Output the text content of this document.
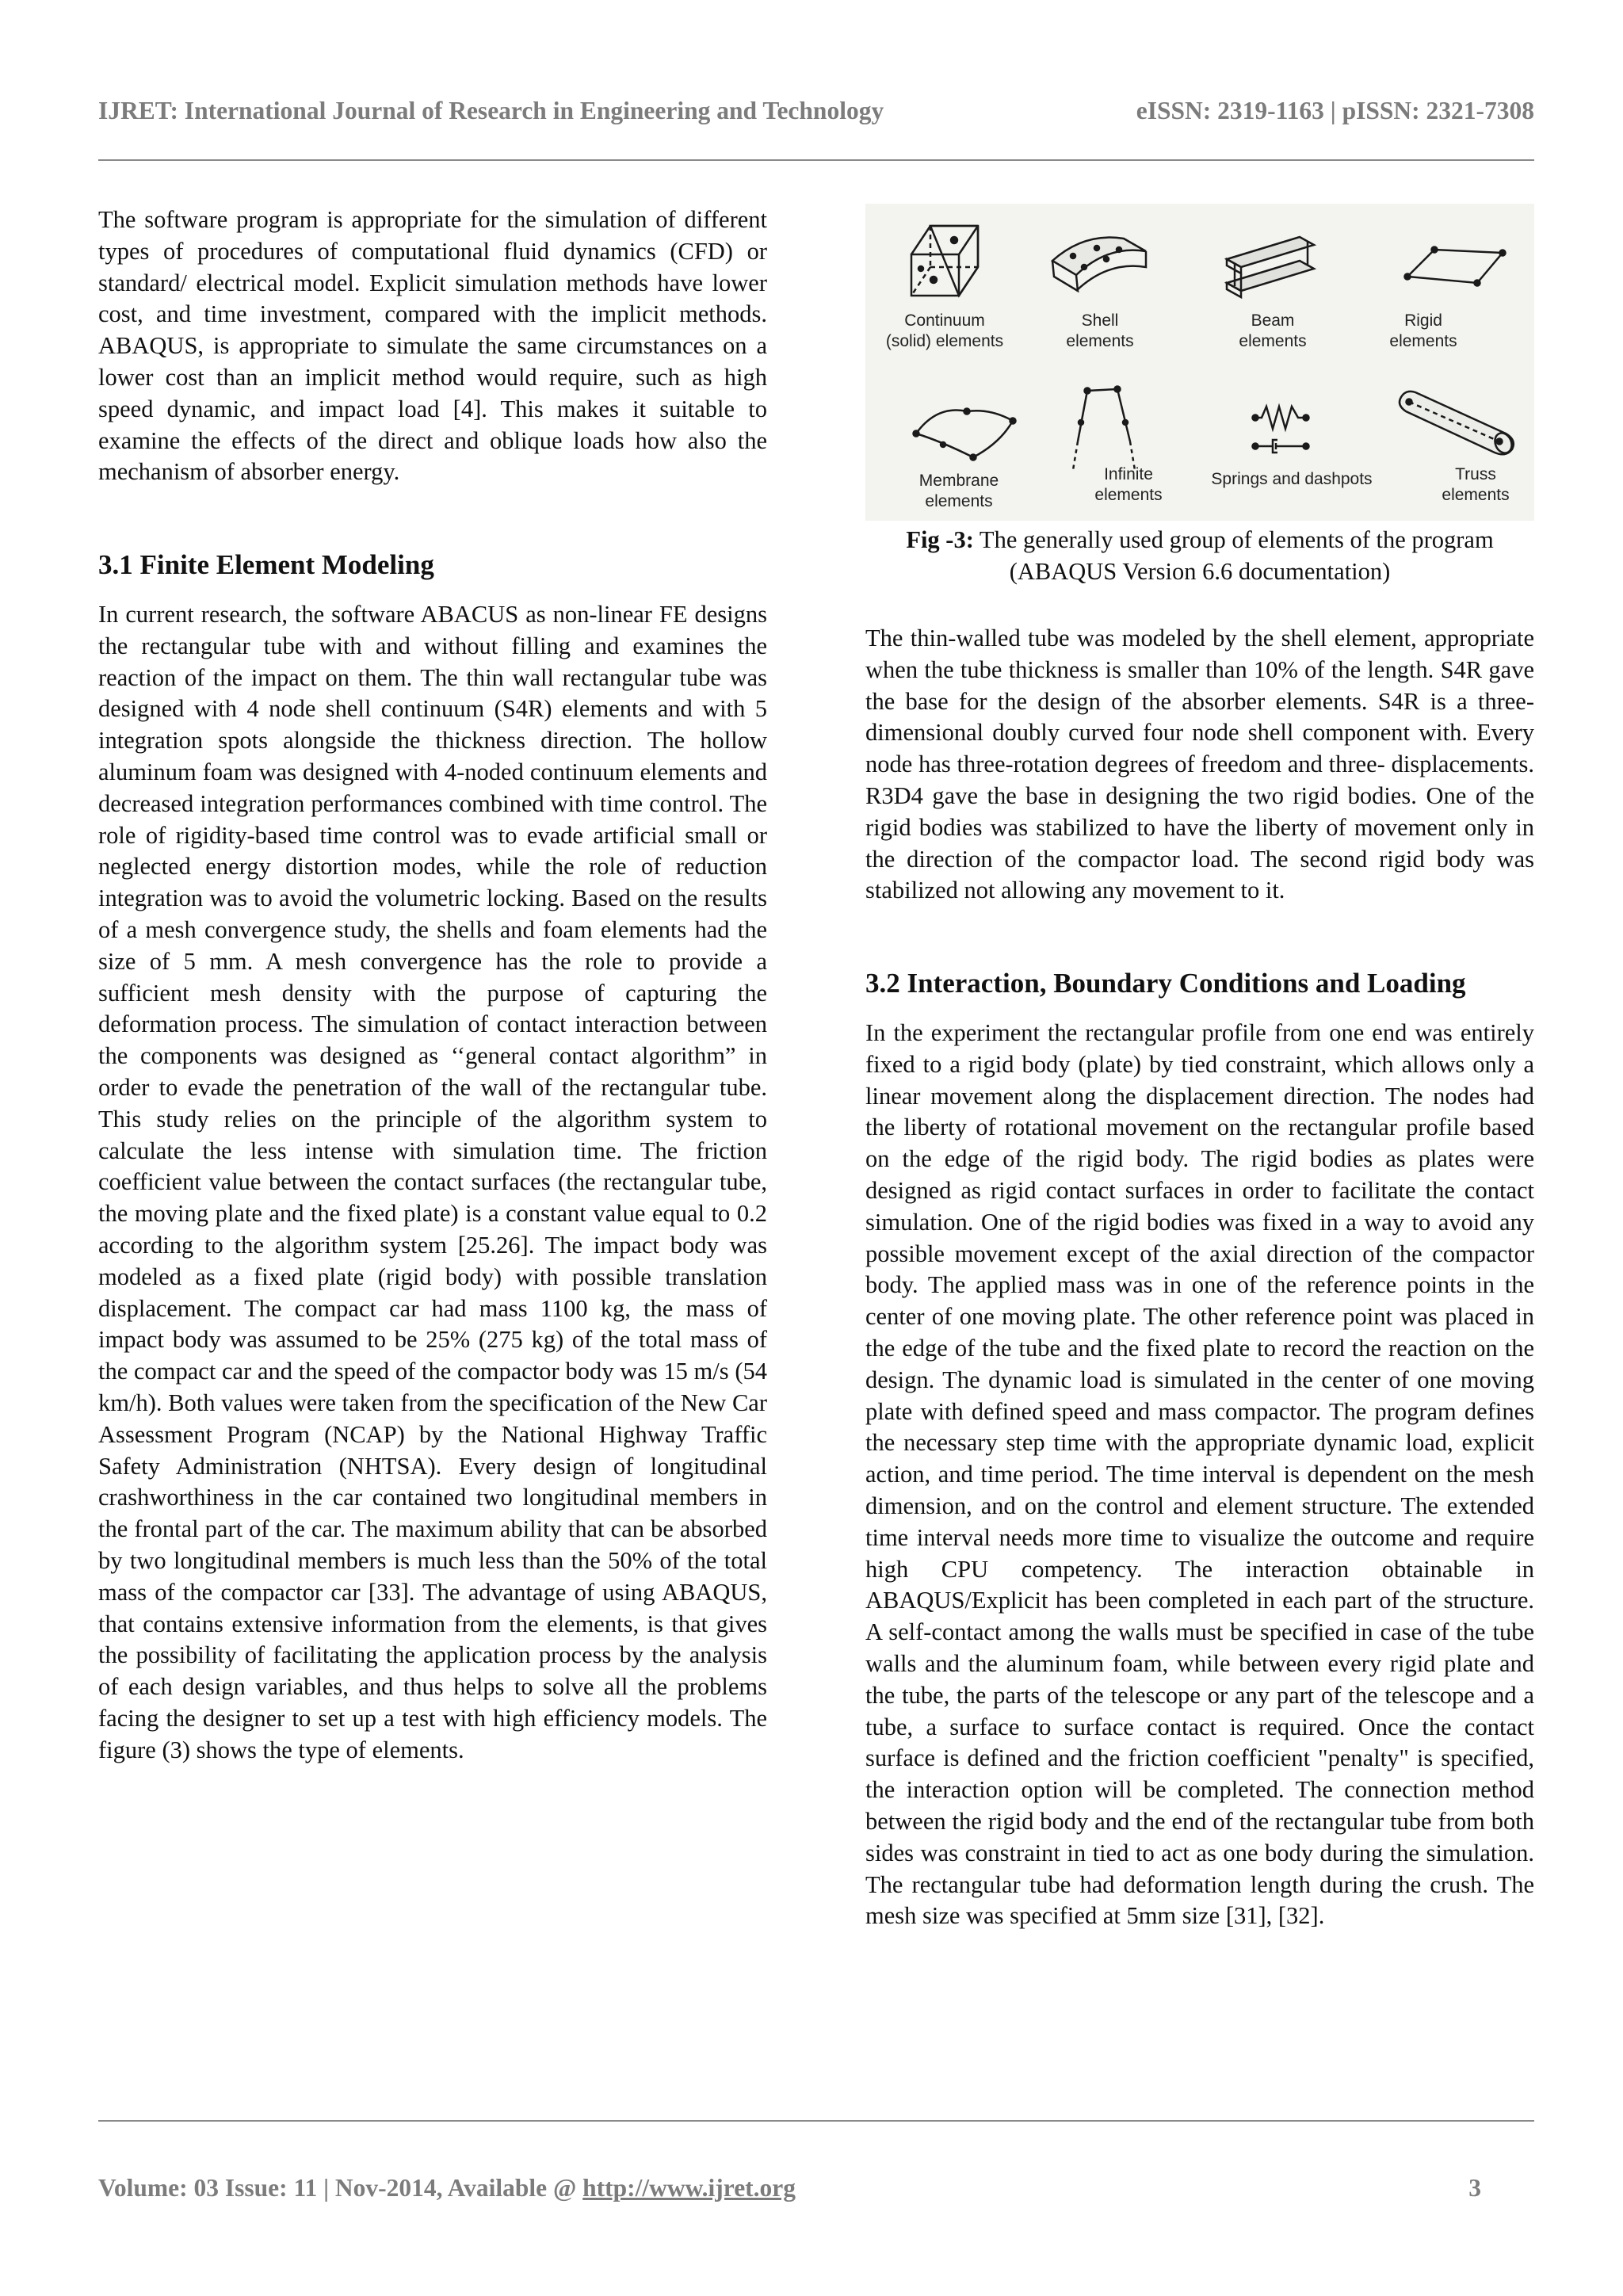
IJRET: International Journal of Research in Engineering and Technology	eISSN: 2319-1163 | pISSN: 2321-7308

The software program is appropriate for the simulation of different types of procedures of computational fluid dynamics (CFD) or standard/ electrical model. Explicit simulation methods have lower cost, and time investment, compared with the implicit methods. ABAQUS, is appropriate to simulate the same circumstances on a lower cost than an implicit method would require, such as high speed dynamic, and impact load [4]. This makes it suitable to examine the effects of the direct and oblique loads how also the mechanism of absorber energy.

3.1 Finite Element Modeling

In current research, the software ABACUS as non-linear FE designs the rectangular tube with and without filling and examines the reaction of the impact on them. The thin wall rectangular tube was designed with 4 node shell continuum (S4R) elements and with 5 integration spots alongside the thickness direction. The hollow aluminum foam was designed with 4-noded continuum elements and decreased integration performances combined with time control. The role of rigidity-based time control was to evade artificial small or neglected energy distortion modes, while the role of reduction integration was to avoid the volumetric locking. Based on the results of a mesh convergence study, the shells and foam elements had the size of 5 mm. A mesh convergence has the role to provide a sufficient mesh density with the purpose of capturing the deformation process. The simulation of contact interaction between the components was designed as ‘‘general contact algorithm” in order to evade the penetration of the wall of the rectangular tube. This study relies on the principle of the algorithm system to calculate the less intense with simulation time. The friction coefficient value between the contact surfaces (the rectangular tube, the moving plate and the fixed plate) is a constant value equal to 0.2 according to the algorithm system [25.26]. The impact body was modeled as a fixed plate (rigid body) with possible translation displacement. The compact car had mass 1100 kg, the mass of impact body was assumed to be 25% (275 kg) of the total mass of the compact car and the speed of the compactor body was 15 m/s (54 km/h). Both values were taken from the specification of the New Car Assessment Program (NCAP) by the National Highway Traffic Safety Administration (NHTSA). Every design of longitudinal crashworthiness in the car contained two longitudinal members in the frontal part of the car. The maximum ability that can be absorbed by two longitudinal members is much less than the 50% of the total mass of the compactor car [33]. The advantage of using ABAQUS, that contains extensive information from the elements, is that gives the possibility of facilitating the application process by the analysis of each design variables, and thus helps to solve all the problems facing the designer to set up a test with high efficiency models. The figure (3) shows the type of elements.

Continuum
(solid) elements
Shell
elements
Beam
elements
Rigid
elements
Membrane
elements
Infinite
elements
Springs and dashpots	Truss
elements

Fig -3: The generally used group of elements of the program (ABAQUS Version 6.6 documentation)

The thin-walled tube was modeled by the shell element, appropriate when the tube thickness is smaller than 10% of the length. S4R gave the base for the design of the absorber elements. S4R is a three-dimensional doubly curved four node shell component with. Every node has three-rotation degrees of freedom and three- displacements. R3D4 gave the base in designing the two rigid bodies. One of the rigid bodies was stabilized to have the liberty of movement only in the direction of the compactor load. The second rigid body was stabilized not allowing any movement to it.

3.2 Interaction, Boundary Conditions and Loading

In the experiment the rectangular profile from one end was entirely fixed to a rigid body (plate) by tied constraint, which allows only a linear movement along the displacement direction. The nodes had the liberty of rotational movement on the rectangular profile based on the edge of the rigid body. The rigid bodies as plates were designed as rigid contact surfaces in order to facilitate the contact simulation. One of the rigid bodies was fixed in a way to avoid any possible movement except of the axial direction of the compactor body. The applied mass was in one of the reference points in the center of one moving plate. The other reference point was placed in the edge of the tube and the fixed plate to record the reaction on the design. The dynamic load is simulated in the center of one moving plate with defined speed and mass compactor. The program defines the necessary step time with the appropriate dynamic load, explicit action, and time period. The time interval is dependent on the mesh dimension, and on the control and element structure. The extended time interval needs more time to visualize the outcome and require high CPU competency. The interaction obtainable in ABAQUS/Explicit has been completed in each part of the structure. A self-contact among the walls must be specified in case of the tube walls and the aluminum foam, while between every rigid plate and the tube, the parts of the telescope or any part of the telescope and a tube, a surface to surface contact is required. Once the contact surface is defined and the friction coefficient "penalty" is specified, the interaction option will be completed. The connection method between the rigid body and the end of the rectangular tube from both sides was constraint in tied to act as one body during the simulation. The rectangular tube had deformation length during the crush. The mesh size was specified at 5mm size [31], [32].

Volume: 03 Issue: 11 | Nov-2014, Available @ http://www.ijret.org	3
